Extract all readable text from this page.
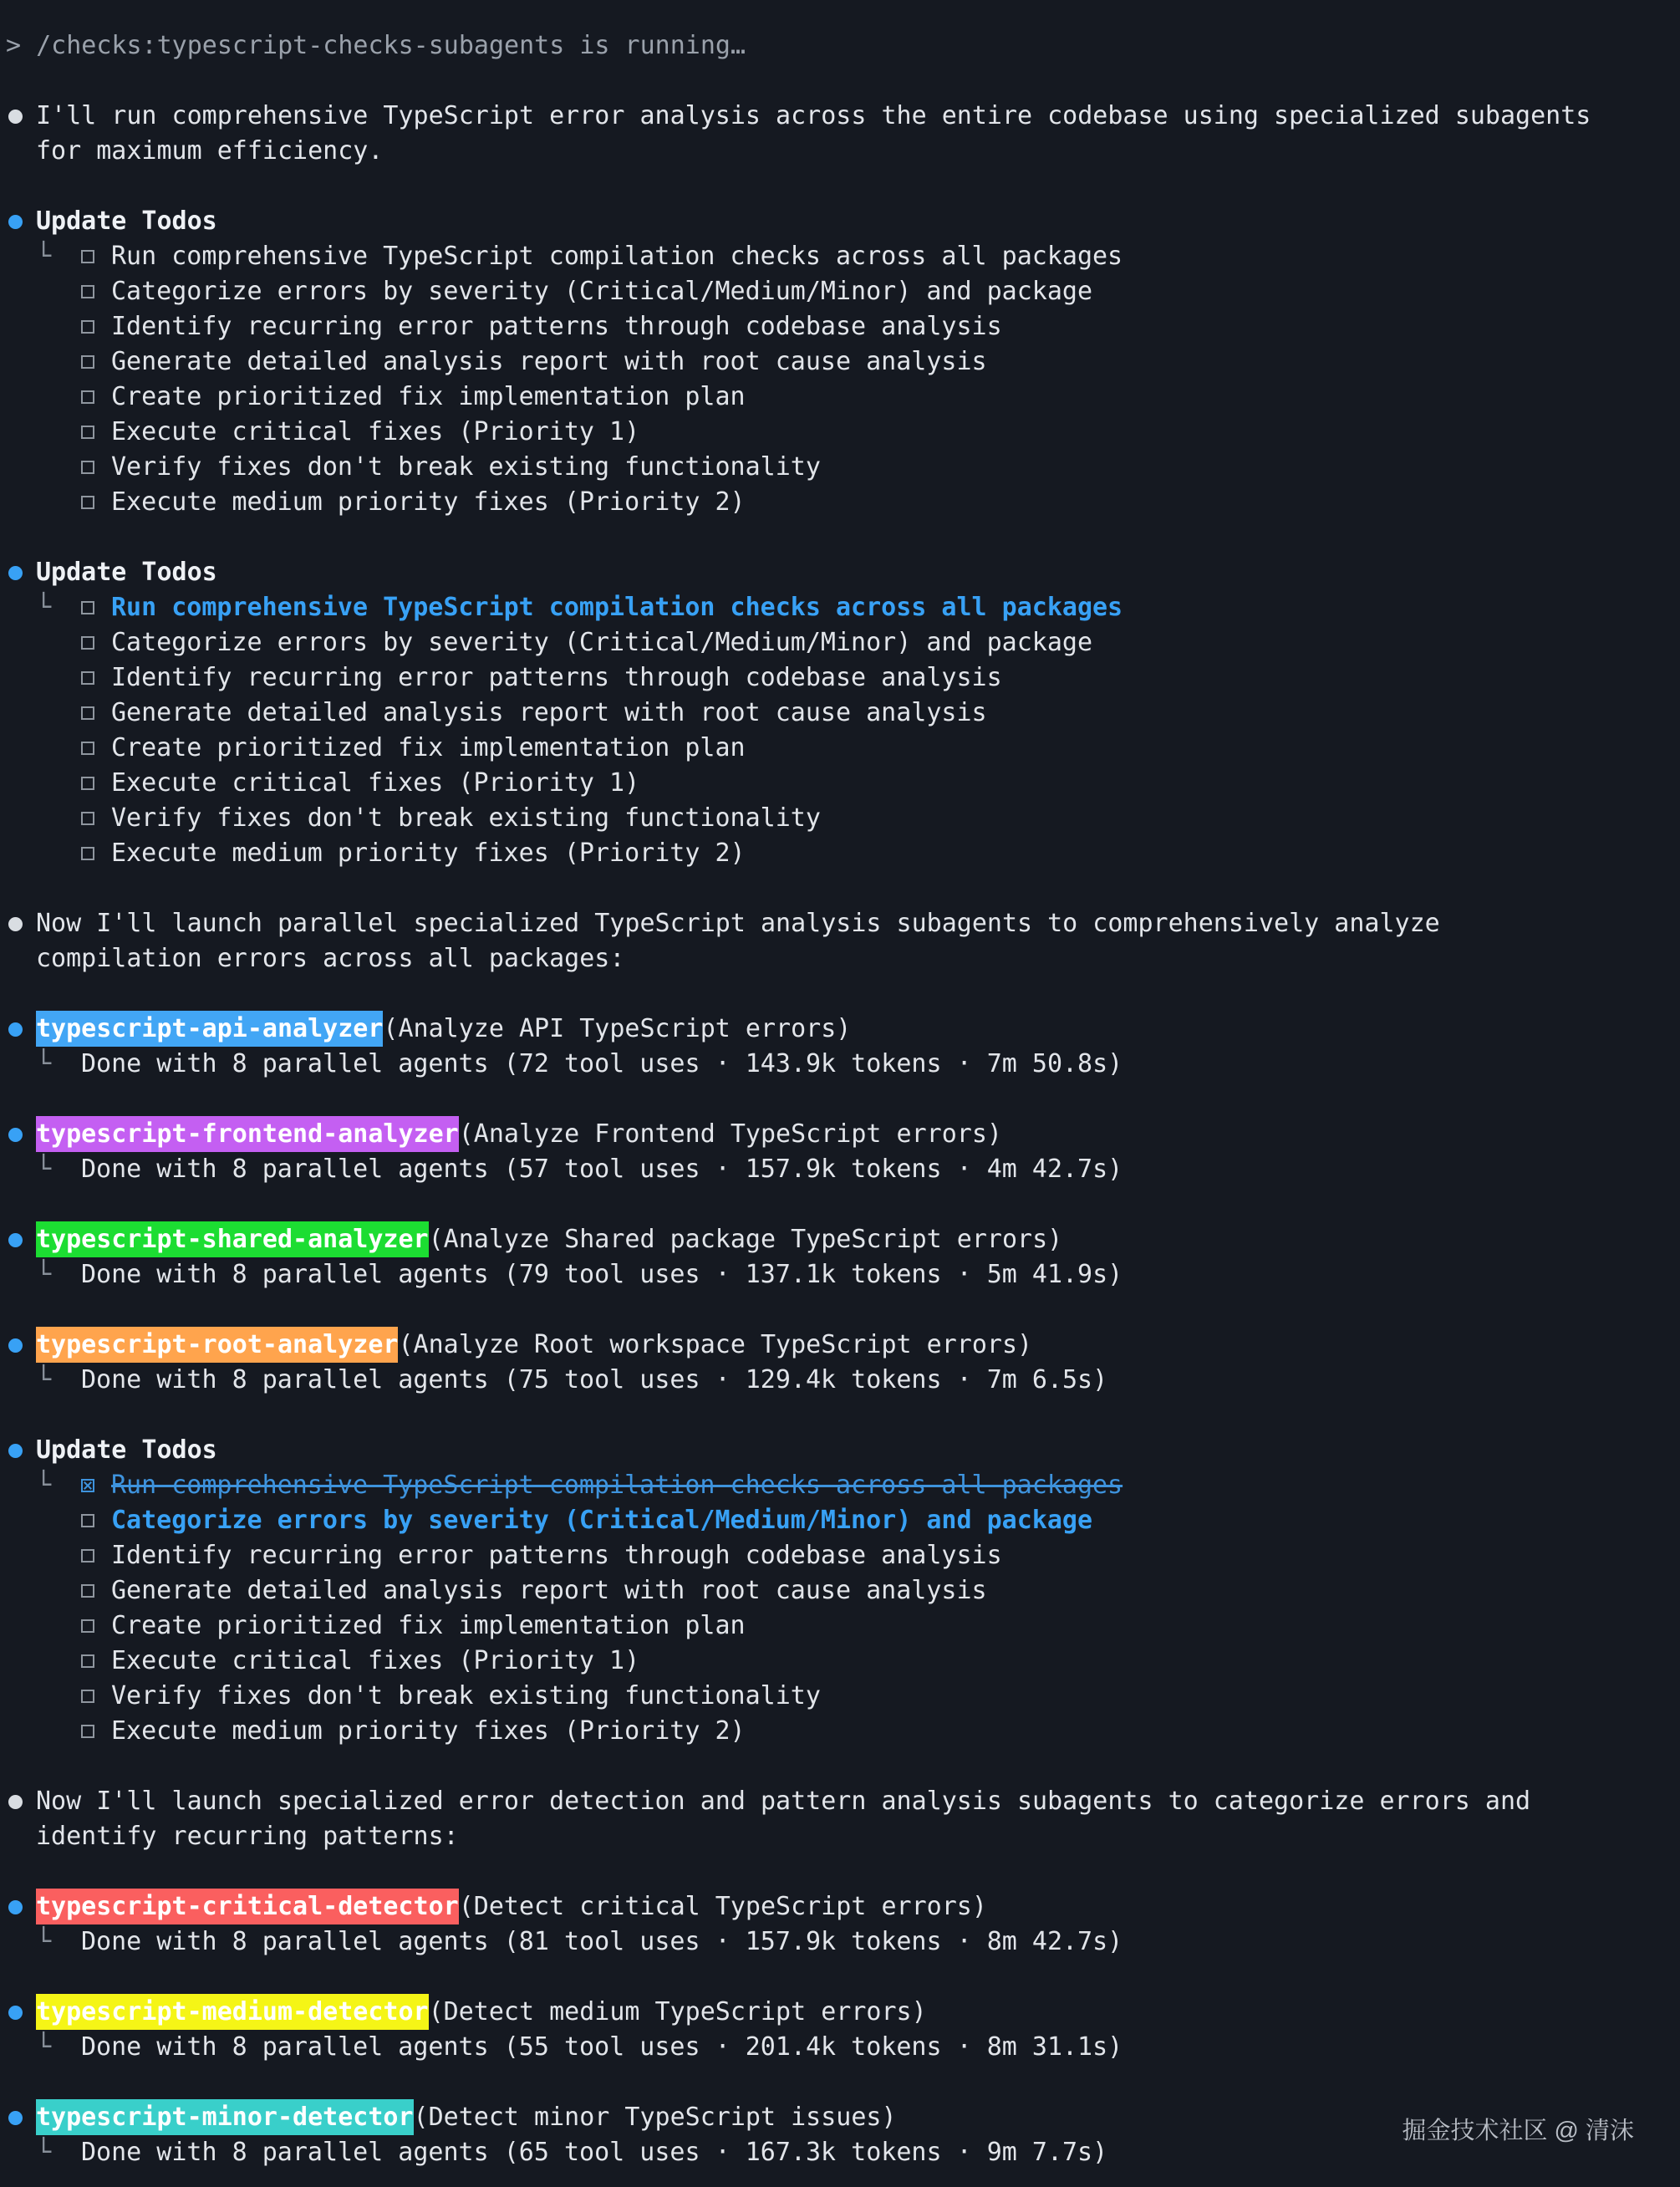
> /checks:typescript-checks-subagents is running…
I'll run comprehensive TypeScript error analysis across the entire codebase using specialized subagents
for maximum efficiency.
Update Todos
└ Run comprehensive TypeScript compilation checks across all packages
Categorize errors by severity (Critical/Medium/Minor) and package
Identify recurring error patterns through codebase analysis
Generate detailed analysis report with root cause analysis
Create prioritized fix implementation plan
Execute critical fixes (Priority 1)
Verify fixes don't break existing functionality
Execute medium priority fixes (Priority 2)
Update Todos
└ Run comprehensive TypeScript compilation checks across all packages
Categorize errors by severity (Critical/Medium/Minor) and package
Identify recurring error patterns through codebase analysis
Generate detailed analysis report with root cause analysis
Create prioritized fix implementation plan
Execute critical fixes (Priority 1)
Verify fixes don't break existing functionality
Execute medium priority fixes (Priority 2)
Now I'll launch parallel specialized TypeScript analysis subagents to comprehensively analyze
compilation errors across all packages:
typescript-api-analyzer(Analyze API TypeScript errors)
└ Done with 8 parallel agents (72 tool uses · 143.9k tokens · 7m 50.8s)
typescript-frontend-analyzer(Analyze Frontend TypeScript errors)
└ Done with 8 parallel agents (57 tool uses · 157.9k tokens · 4m 42.7s)
typescript-shared-analyzer(Analyze Shared package TypeScript errors)
└ Done with 8 parallel agents (79 tool uses · 137.1k tokens · 5m 41.9s)
typescript-root-analyzer(Analyze Root workspace TypeScript errors)
└ Done with 8 parallel agents (75 tool uses · 129.4k tokens · 7m 6.5s)
Update Todos
└ Run comprehensive TypeScript compilation checks across all packages
Categorize errors by severity (Critical/Medium/Minor) and package
Identify recurring error patterns through codebase analysis
Generate detailed analysis report with root cause analysis
Create prioritized fix implementation plan
Execute critical fixes (Priority 1)
Verify fixes don't break existing functionality
Execute medium priority fixes (Priority 2)
Now I'll launch specialized error detection and pattern analysis subagents to categorize errors and
identify recurring patterns:
typescript-critical-detector(Detect critical TypeScript errors)
└ Done with 8 parallel agents (81 tool uses · 157.9k tokens · 8m 42.7s)
typescript-medium-detector(Detect medium TypeScript errors)
└ Done with 8 parallel agents (55 tool uses · 201.4k tokens · 8m 31.1s)
typescript-minor-detector(Detect minor TypeScript issues)
└ Done with 8 parallel agents (65 tool uses · 167.3k tokens · 9m 7.7s)
掘金技术社区 @ 清沫
